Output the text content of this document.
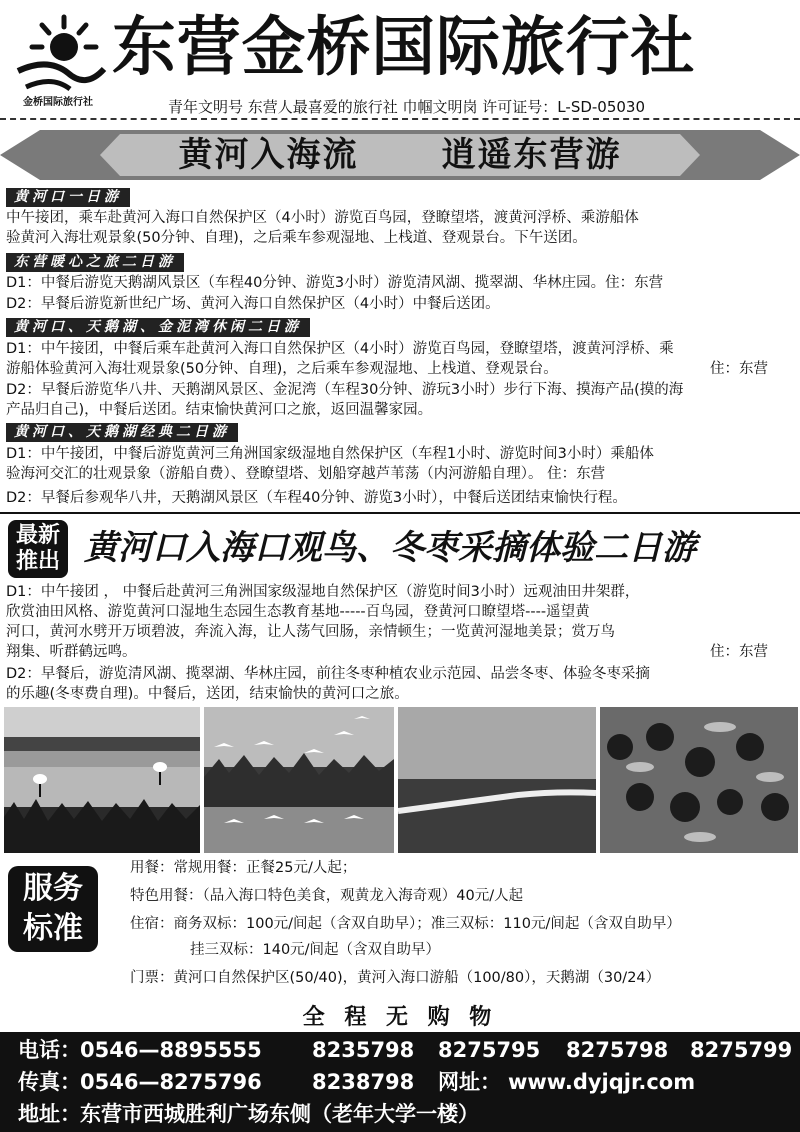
金桥国际旅行社
东营金桥国际旅行社
青年文明号 东营人最喜爱的旅行社 巾帼文明岗 许可证号：L-SD-05030
黄河入海流 逍遥东营游
黄河口一日游
中午接团，乘车赴黄河入海口自然保护区（4小时）游览百鸟园，登瞭望塔，渡黄河浮桥、乘游船体
验黄河入海壮观景象(50分钟、自理)，之后乘车参观湿地、上栈道、登观景台。下午送团。
东营暖心之旅二日游
D1：中餐后游览天鹅湖风景区（车程40分钟、游览3小时）游览清风湖、揽翠湖、华林庄园。住：东营
D2：早餐后游览新世纪广场、黄河入海口自然保护区（4小时）中餐后送团。
黄河口、天鹅湖、金泥湾休闲二日游
D1：中午接团，中餐后乘车赴黄河入海口自然保护区（4小时）游览百鸟园，登瞭望塔，渡黄河浮桥、乘
游船体验黄河入海壮观景象(50分钟、自理)，之后乘车参观湿地、上栈道、登观景台。	住：东营
D2：早餐后游览华八井、天鹅湖风景区、金泥湾（车程30分钟、游玩3小时）步行下海、摸海产品(摸的海
产品归自己)，中餐后送团。结束愉快黄河口之旅，返回温馨家园。
黄河口、天鹅湖经典二日游
D1：中午接团，中餐后游览黄河三角洲国家级湿地自然保护区（车程1小时、游览时间3小时）乘船体
验海河交汇的壮观景象（游船自费）、登瞭望塔、划船穿越芦苇荡（内河游船自理）。 住：东营
D2：早餐后参观华八井，天鹅湖风景区（车程40分钟、游览3小时），中餐后送团结束愉快行程。
最新
推出 黄河口入海口观鸟、冬枣采摘体验二日游
D1：中午接团 ， 中餐后赴黄河三角洲国家级湿地自然保护区（游览时间3小时）远观油田井架群，
欣赏油田风格、游览黄河口湿地生态园生态教育基地-----百鸟园，登黄河口瞭望塔----遥望黄
河口，黄河水劈开万顷碧波，奔流入海，让人荡气回肠，亲情顿生；一览黄河湿地美景；赏万鸟
翔集、听群鹤远鸣。	住：东营
D2：早餐后，游览清风湖、揽翠湖、华林庄园，前往冬枣种植农业示范园、品尝冬枣、体验冬枣采摘
的乐趣(冬枣费自理)。中餐后，送团，结束愉快的黄河口之旅。
服务
标准
用餐：常规用餐：正餐25元/人起；
特色用餐：（品入海口特色美食，观黄龙入海奇观）40元/人起
住宿：商务双标：100元/间起（含双自助早）；准三双标：110元/间起（含双自助早）
挂三双标：140元/间起（含双自助早）
门票：黄河口自然保护区(50/40)，黄河入海口游船（100/80），天鹅湖（30/24）
全 程 无 购 物
电话： 0546—8895555 8235798 8275795 8275798 8275799
传真： 0546—8275796 8238798 网址： www.dyjqjr.com
地址： 东营市西城胜利广场东侧（老年大学一楼）
